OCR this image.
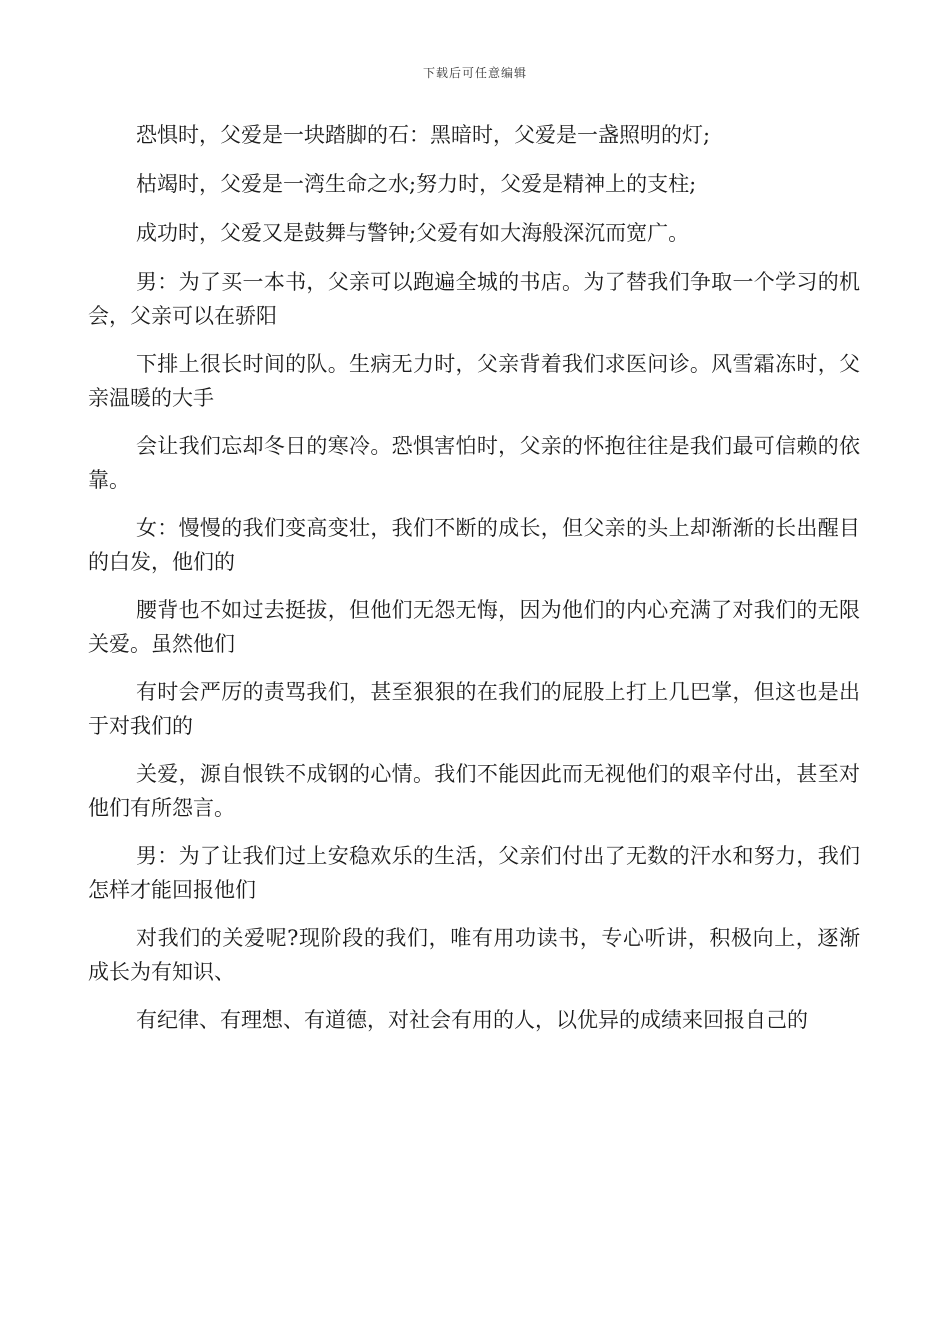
下载后可任意编辑

恐惧时，父爱是一块踏脚的石：黑暗时，父爱是一盏照明的灯;

枯竭时，父爱是一湾生命之水;努力时，父爱是精神上的支柱;

成功时，父爱又是鼓舞与警钟;父爱有如大海般深沉而宽广。

男：为了买一本书，父亲可以跑遍全城的书店。为了替我们争取一个学习的机会，父亲可以在骄阳

下排上很长时间的队。生病无力时，父亲背着我们求医问诊。风雪霜冻时，父亲温暖的大手

会让我们忘却冬日的寒冷。恐惧害怕时，父亲的怀抱往往是我们最可信赖的依靠。

女：慢慢的我们变高变壮，我们不断的成长，但父亲的头上却渐渐的长出醒目的白发，他们的

腰背也不如过去挺拔，但他们无怨无悔，因为他们的内心充满了对我们的无限关爱。虽然他们

有时会严厉的责骂我们，甚至狠狠的在我们的屁股上打上几巴掌，但这也是出于对我们的

关爱，源自恨铁不成钢的心情。我们不能因此而无视他们的艰辛付出，甚至对他们有所怨言。

男：为了让我们过上安稳欢乐的生活，父亲们付出了无数的汗水和努力，我们怎样才能回报他们

对我们的关爱呢?现阶段的我们，唯有用功读书，专心听讲，积极向上，逐渐成长为有知识、

有纪律、有理想、有道德，对社会有用的人，以优异的成绩来回报自己的
